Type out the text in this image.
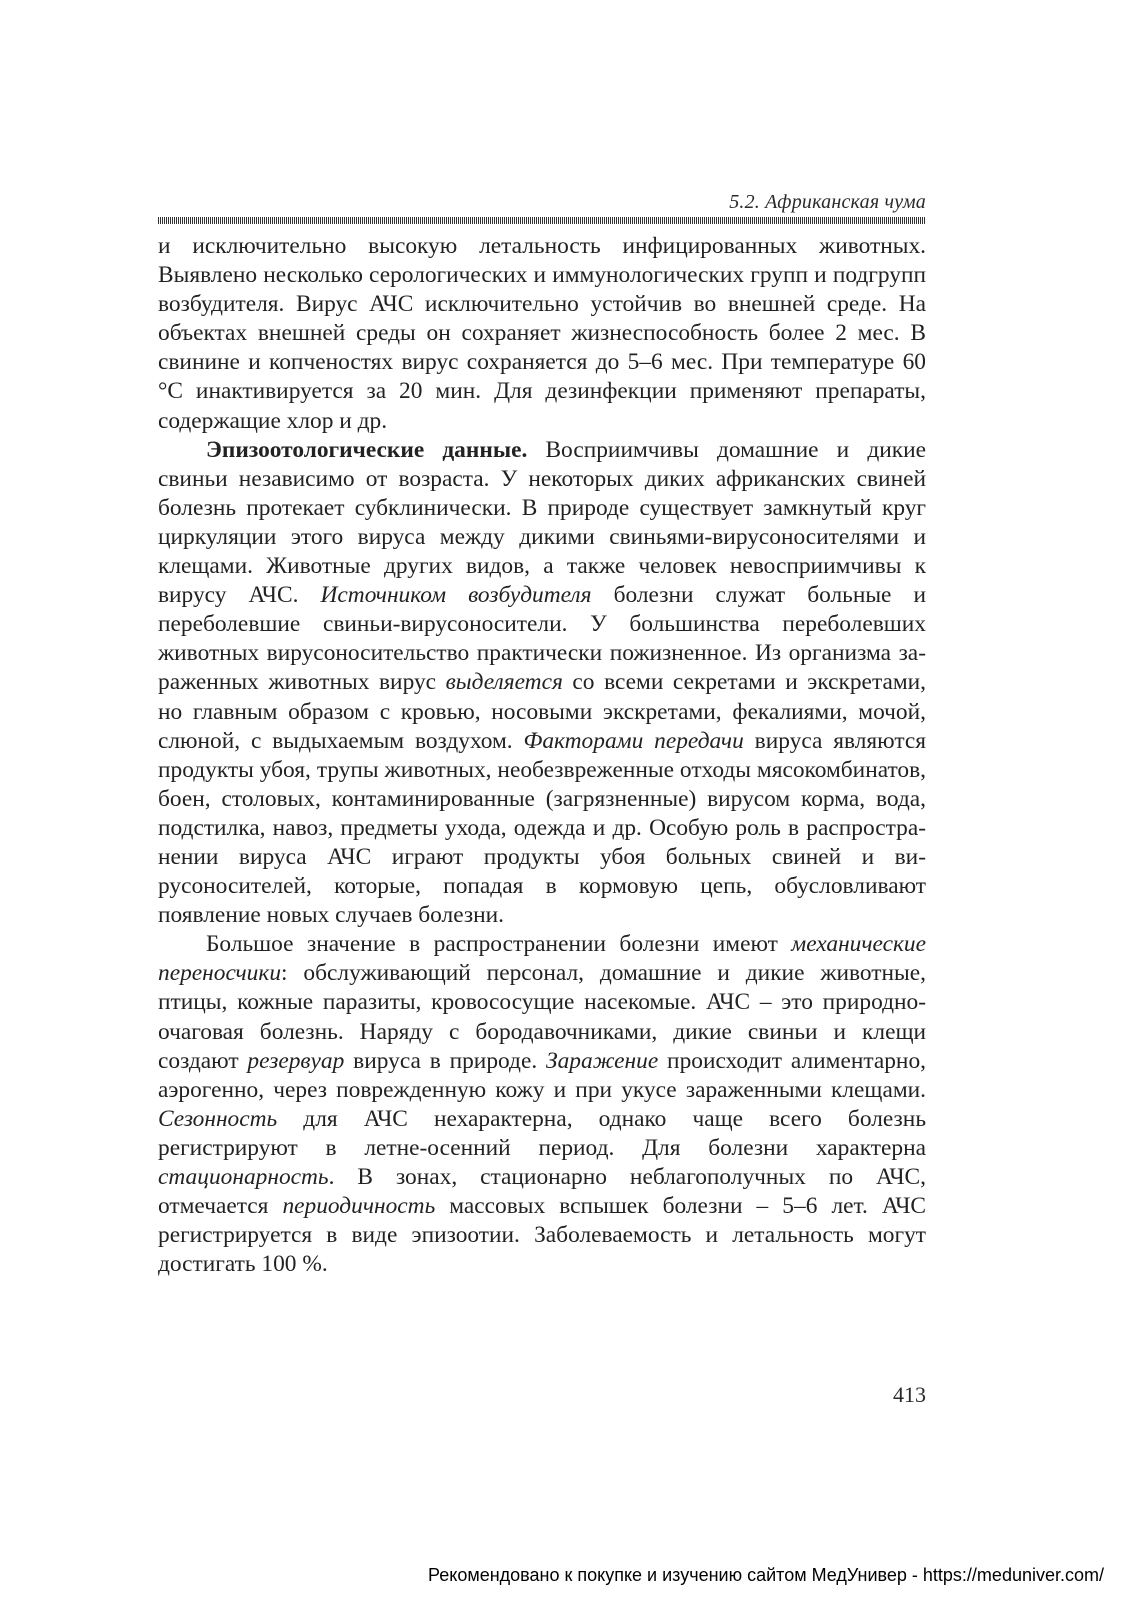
5.2. Африканская чума

и исключительно высокую летальность инфицированных животных. Выявлено несколько серологических и иммунологических групп и подгрупп возбудителя. Вирус АЧС исключительно устойчив во внешней среде. На объектах внешней среды он сохраняет жизнеспособность более 2 мес. В свинине и копченостях вирус сохраняется до 5–6 мес. При температуре 60 °С инактивируется за 20 мин. Для дезинфекции применяют препараты, содержащие хлор и др.

Эпизоотологические данные. Восприимчивы домашние и дикие свиньи независимо от возраста. У некоторых диких африканских свиней болезнь протекает субклинически. В природе существует замкнутый круг циркуляции этого вируса между дикими свиньями-вирусоносителями и клещами. Животные других видов, а также человек невосприимчивы к вирусу АЧС. Источником возбудителя болезни служат больные и переболевшие свиньи-вирусоносители. У большинства переболевших животных вирусоносительство практически пожизненное. Из организма зараженных животных вирус выделяется со всеми секретами и экскретами, но главным образом с кровью, носовыми экскретами, фекалиями, мочой, слюной, с выдыхаемым воздухом. Факторами передачи вируса являются продукты убоя, трупы животных, необезвреженные отходы мясокомбинатов, боен, столовых, контаминированные (загрязненные) вирусом корма, вода, подстилка, навоз, предметы ухода, одежда и др. Особую роль в распространении вируса АЧС играют продукты убоя больных свиней и вирусоносителей, которые, попадая в кормовую цепь, обусловливают появление новых случаев болезни.

Большое значение в распространении болезни имеют механические переносчики: обслуживающий персонал, домашние и дикие животные, птицы, кожные паразиты, кровососущие насекомые. АЧС – это природно-очаговая болезнь. Наряду с бородавочниками, дикие свиньи и клещи создают резервуар вируса в природе. Заражение происходит алиментарно, аэрогенно, через поврежденную кожу и при укусе зараженными клещами. Сезонность для АЧС нехарактерна, однако чаще всего болезнь регистрируют в летне-осенний период. Для болезни характерна стационарность. В зонах, стационарно неблагополучных по АЧС, отмечается периодичность массовых вспышек болезни – 5–6 лет. АЧС регистрируется в виде эпизоотии. Заболеваемость и летальность могут достигать 100 %.

413
Рекомендовано к покупке и изучению сайтом МедУнивер - https://meduniver.com/
